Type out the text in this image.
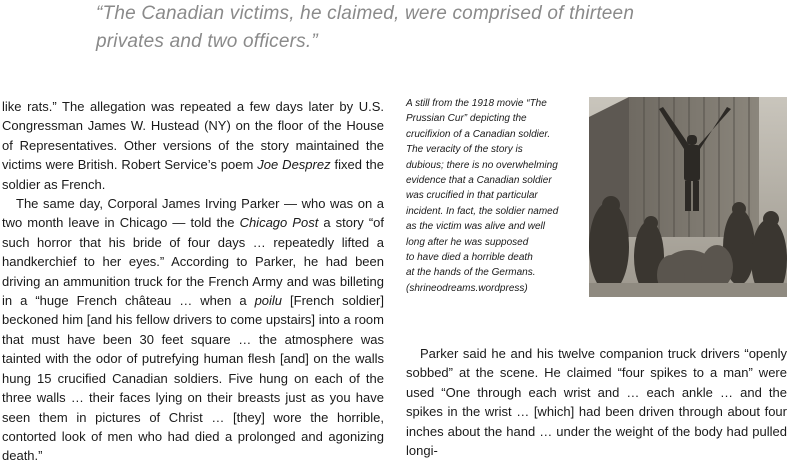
“The Canadian victims, he claimed, were comprised of thirteen
privates and two officers.”

like rats.” The allegation was repeated a few days later by U.S. Congressman James W. Hustead (NY) on the floor of the House of Representatives. Other versions of the story maintained the victims were British. Robert Service’s poem Joe Desprez fixed the soldier as French.

The same day, Corporal James Irving Parker — who was on a two month leave in Chicago — told the Chicago Post a story “of such horror that his bride of four days … repeatedly lifted a handkerchief to her eyes.” According to Parker, he had been driving an ammunition truck for the French Army and was billeting in a “huge French château … when a poilu [French soldier] beckoned him [and his fellow drivers to come upstairs] into a room that must have been 30 feet square … the atmosphere was tainted with the odor of putrefying human flesh [and] on the walls hung 15 crucified Canadian soldiers. Five hung on each of the three walls … their faces lying on their breasts just as you have seen them in pictures of Christ … [they] wore the horrible, contorted look of men who had died a prolonged and agonizing death.”

A still from the 1918 movie “The
Prussian Cur” depicting the
crucifixion of a Canadian soldier.
The veracity of the story is
dubious; there is no overwhelming
evidence that a Canadian soldier
was crucified in that particular
incident. In fact, the soldier named
as the victim was alive and well
long after he was supposed
to have died a horrible death
at the hands of the Germans.
(shrineodreams.wordpress)

Parker said he and his twelve companion truck drivers “openly sobbed” at the scene. He claimed “four spikes to a man” were used “One through each wrist and … each ankle … and the spikes in the wrist … [which] had been driven through about four inches about the hand … under the weight of the body had pulled longi-
